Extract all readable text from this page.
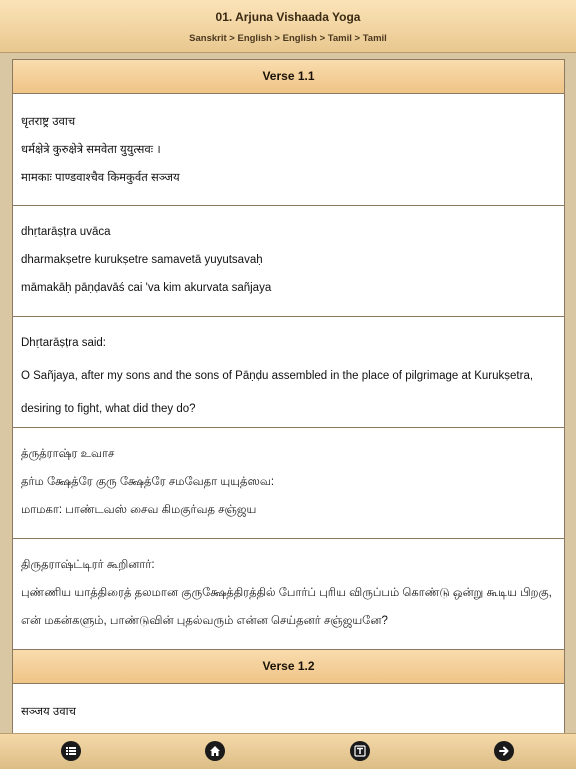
01. Arjuna Vishaada Yoga
Sanskrit > English > English > Tamil > Tamil
Verse 1.1
धृतराष्ट्र उवाच
धर्मक्षेत्रे कुरुक्षेत्रे समवेता युयुत्सवः ।
मामकाः पाण्डवाश्चैव किमकुर्वत सञ्जय
dhṛtarāṣṭra uvāca
dharmakṣetre kurukṣetre samavetā yuyutsavaḥ
māmakāḥ pāṇḍavāś cai 'va kim akurvata sañjaya
Dhṛtarāṣṭra said:
O Sañjaya, after my sons and the sons of Pāṇḍu assembled in the place of pilgrimage at Kurukṣetra,
desiring to fight, what did they do?
த்ருத்ராஷ்ர உவாச
தர்ம க்ஷேத்ரே குரு க்ஷேத்ரே சமவேதா யுயுத்ஸவ:
மாமகா: பாண்டவஸ் சைவ கிமகுர்வத சஞ்ஜய
திருதராஷ்ட்டிரர் கூறினார்:
புண்ணிய யாத்திரைத் தலமான குருக்ஷேத்திரத்தில் போர்ப் புரிய விருப்பம் கொண்டு ஒன்று கூடிய பிறகு,
என் மகன்களும், பாண்டுவின் புதல்வரும் என்ன செய்தனர் சஞ்ஜயனே?
Verse 1.2
सञ्जय उवाच
